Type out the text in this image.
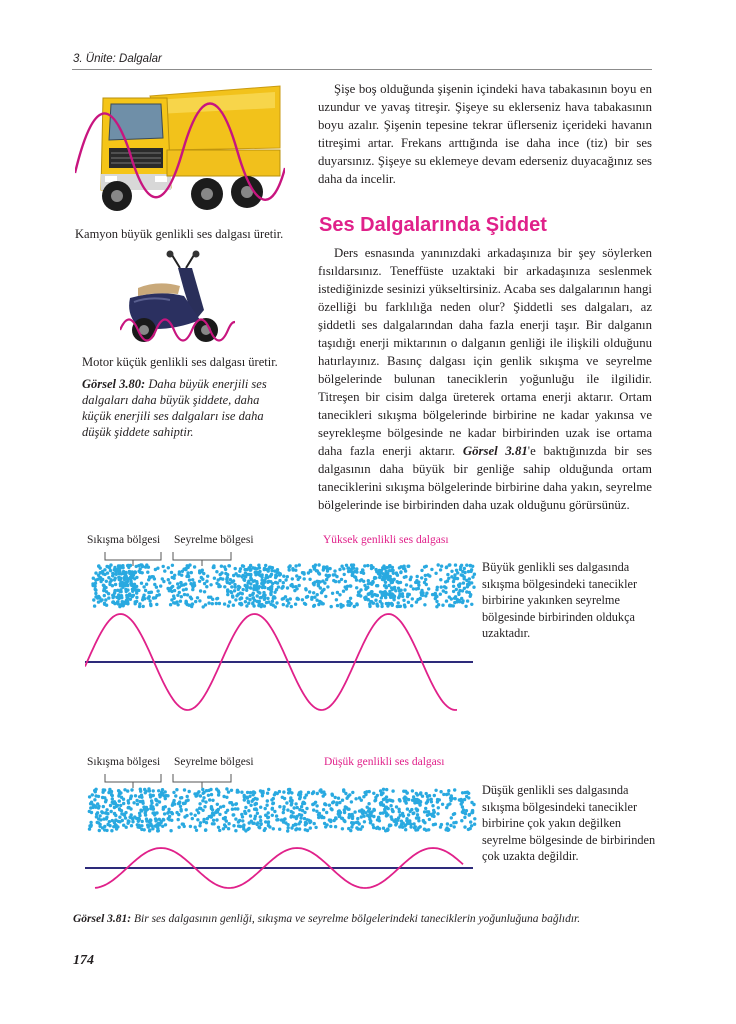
3. Ünite: Dalgalar
Kamyon büyük genlikli ses dalgası üretir.
Motor küçük genlikli ses dalgası üretir.
Görsel 3.80: Daha büyük enerjili ses dalgaları daha büyük şiddete, daha küçük enerjili ses dalgaları ise daha düşük şiddete sahiptir.

Şişe boş olduğunda şişenin içindeki hava tabakasının boyu en uzundur ve yavaş titreşir. Şişeye su eklerseniz hava tabakasının boyu azalır. Şişenin tepesine tekrar üflerseniz içerideki havanın titreşimi artar. Frekans arttığında ise daha ince (tiz) bir ses duyarsınız. Şişeye su eklemeye devam ederseniz duyacağınız ses daha da incelir.

Ses Dalgalarında Şiddet

Ders esnasında yanınızdaki arkadaşınıza bir şey söylerken fısıldarsınız. Teneffüste uzaktaki bir arkadaşınıza seslenmek istediğinizde sesinizi yükseltirsiniz. Acaba ses dalgalarının hangi özelliği bu farklılığa neden olur? Şiddetli ses dalgaları, az şiddetli ses dalgalarından daha fazla enerji taşır. Bir dalganın taşıdığı enerji miktarının o dalganın genliği ile ilişkili olduğunu hatırlayınız. Basınç dalgası için genlik sıkışma ve seyrelme bölgelerinde bulunan taneciklerin yoğunluğu ile ilgilidir. Titreşen bir cisim dalga üreterek ortama enerji aktarır. Ortam tanecikleri sıkışma bölgelerinde birbirine ne kadar yakınsa ve seyrekleşme bölgesinde ne kadar birbirinden uzak ise ortama daha fazla enerji aktarır. Görsel 3.81'e baktığınızda bir ses dalgasının daha büyük bir genliğe sahip olduğunda ortam taneciklerini sıkışma bölgelerinde birbirine daha yakın, seyrelme bölgelerinde ise birbirinden daha uzak olduğunu görürsünüz.

Sıkışma bölgesi Seyrelme bölgesi	Yüksek genlikli ses dalgası
Büyük genlikli ses dalgasında sıkışma bölgesindeki tanecikler birbirine yakınken seyrelme bölgesinde birbirinden oldukça uzaktadır.
Sıkışma bölgesi Seyrelme bölgesi	Düşük genlikli ses dalgası
Düşük genlikli ses dalgasında sıkışma bölgesindeki tanecikler birbirine çok yakın değilken seyrelme bölgesinde de birbirinden çok uzakta değildir.
Görsel 3.81: Bir ses dalgasının genliği, sıkışma ve seyrelme bölgelerindeki taneciklerin yoğunluğuna bağlıdır.
174
